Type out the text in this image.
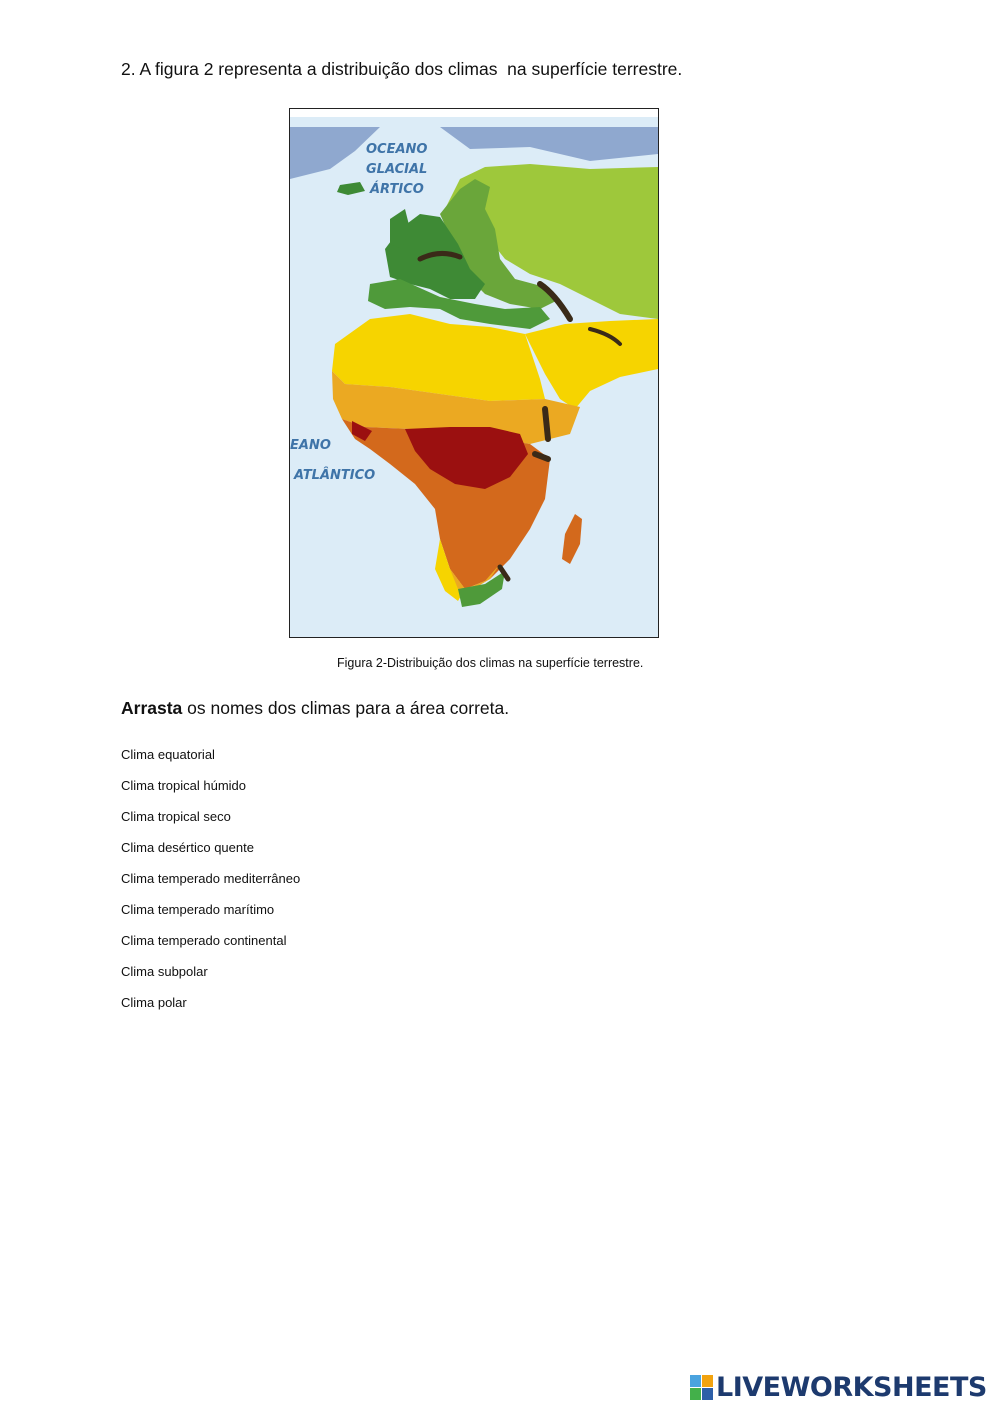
2. A figura 2 representa a distribuição dos climas  na superfície terrestre.
OCEANO
GLACIAL
ÁRTICO
EANO
ATLÂNTICO
Figura 2-Distribuição dos climas na superfície terrestre.
Arrasta os nomes dos climas para a área correta.
Clima equatorial
Clima tropical húmido
Clima tropical seco
Clima desértico quente
Clima temperado mediterrâneo
Clima temperado marítimo
Clima temperado continental
Clima subpolar
Clima polar
LIVEWORKSHEETS
